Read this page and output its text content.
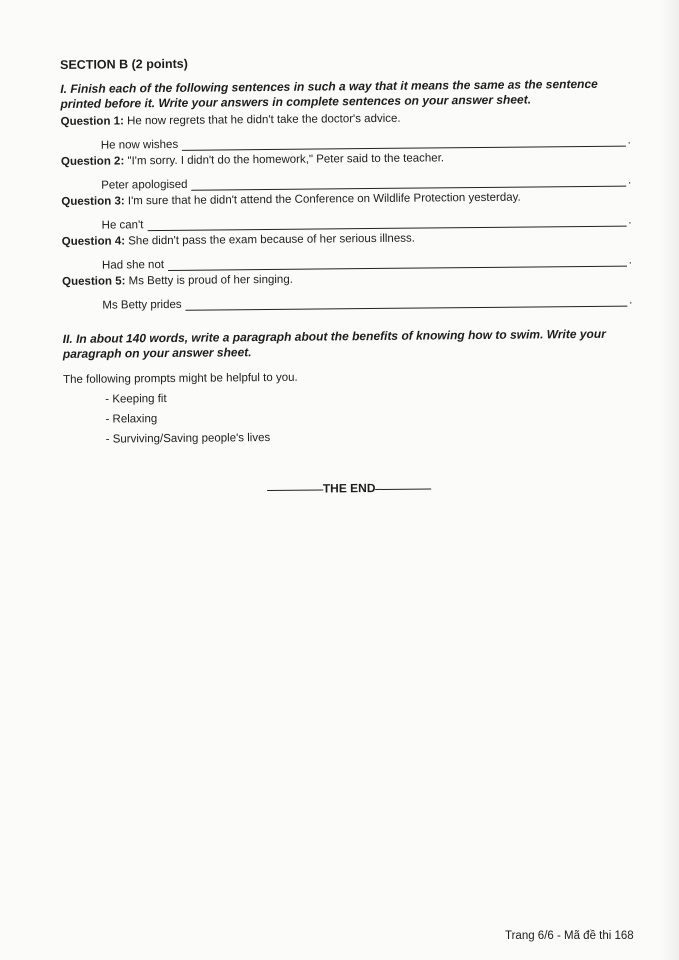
SECTION B (2 points)
I. Finish each of the following sentences in such a way that it means the same as the sentence printed before it. Write your answers in complete sentences on your answer sheet.
Question 1: He now regrets that he didn't take the doctor's advice.
He now wishes	.
Question 2: "I'm sorry. I didn't do the homework," Peter said to the teacher.
Peter apologised	.
Question 3: I'm sure that he didn't attend the Conference on Wildlife Protection yesterday.
He can't	.
Question 4: She didn't pass the exam because of her serious illness.
Had she not	.
Question 5: Ms Betty is proud of her singing.
Ms Betty prides	.
II. In about 140 words, write a paragraph about the benefits of knowing how to swim. Write your paragraph on your answer sheet.
The following prompts might be helpful to you.
- Keeping fit
- Relaxing
- Surviving/Saving people's lives
THE END
Trang 6/6 - Mã đề thi 168
